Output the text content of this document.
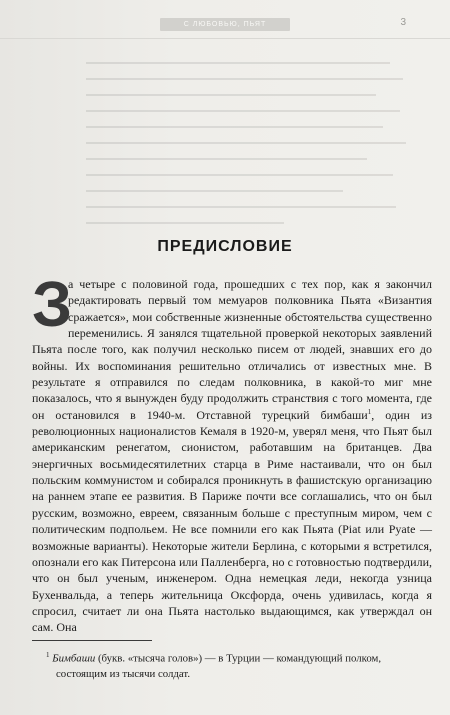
С ЛЮБОВЬЮ, ПЬЯТ	3
ПРЕДИСЛОВИЕ
З
а четыре с половиной года, прошедших с тех пор, как я закончил редактировать первый том мемуаров полковника Пьята «Византия сражается», мои собственные жизненные обстоятельства существенно переменились. Я занялся тщательной проверкой некоторых заявлений Пьята после того, как получил несколько писем от людей, знавших его до войны. Их воспоминания решительно отличались от известных мне. В результате я отправился по следам полковника, в какой-то миг мне показалось, что я вынужден буду продолжить странствия с того момента, где он остановился в 1940-м. Отставной турецкий бимбаши$^1$, один из революционных националистов Кемаля в 1920-м, уверял меня, что Пьят был американским ренегатом, сионистом, работавшим на британцев. Два энергичных восьмидесятилетних старца в Риме настаивали, что он был польским коммунистом и собирался проникнуть в фашистскую организацию на раннем этапе ее развития. В Париже почти все соглашались, что он был русским, возможно, евреем, связанным больше с преступным миром, чем с политическим подпольем. Не все помнили его как Пьята (Piat или Pyate — возможные варианты). Некоторые жители Берлина, с которыми я встретился, опознали его как Питерсона или Палленберга, но с готовностью подтвердили, что он был ученым, инженером. Одна немецкая леди, некогда узница Бухенвальда, а теперь жительница Оксфорда, очень удивилась, когда я спросил, считает ли она Пьята настолько выдающимся, как утверждал он сам. Она
$^1$ Бимбаши (букв. «тысяча голов») — в Турции — командующий полком,
состоящим из тысячи солдат.
